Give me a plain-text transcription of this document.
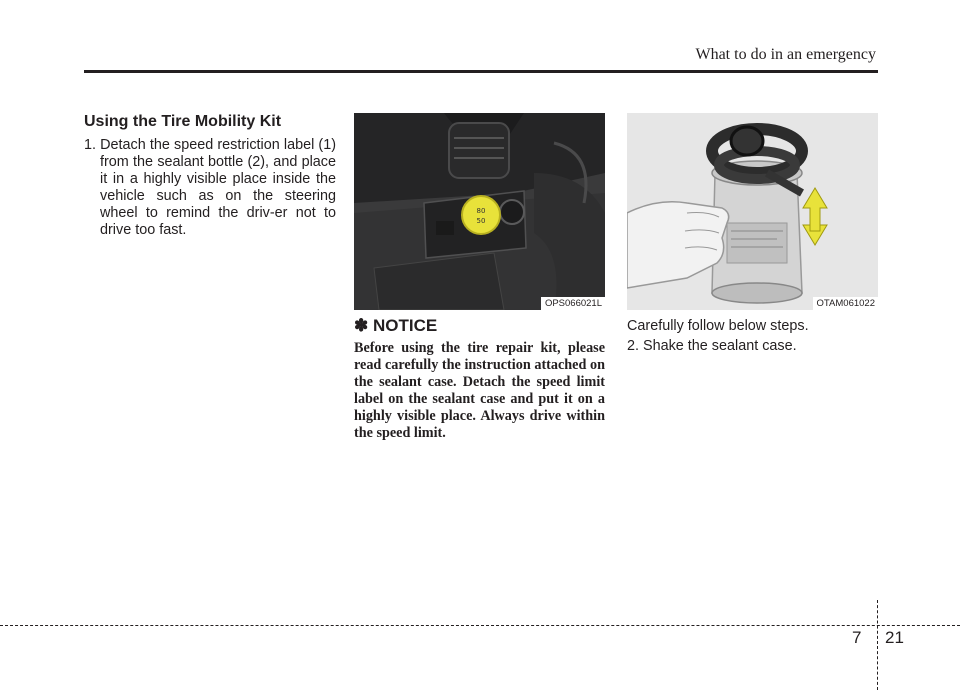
What to do in an emergency
Using the Tire Mobility Kit
1. Detach the speed restriction label (1) from the sealant bottle (2), and place it in a highly visible place inside the vehicle such as on the steering wheel to remind the driv-er not to drive too fast.
80
50
OPS066021L	OTAM061022
✽ NOTICE
Before using the tire repair kit, please read carefully the instruction attached on the sealant case. Detach the speed limit label on the sealant case and put it on a highly visible place. Always drive within the speed limit.
Carefully follow below steps.
2. Shake the sealant case.
7 21
